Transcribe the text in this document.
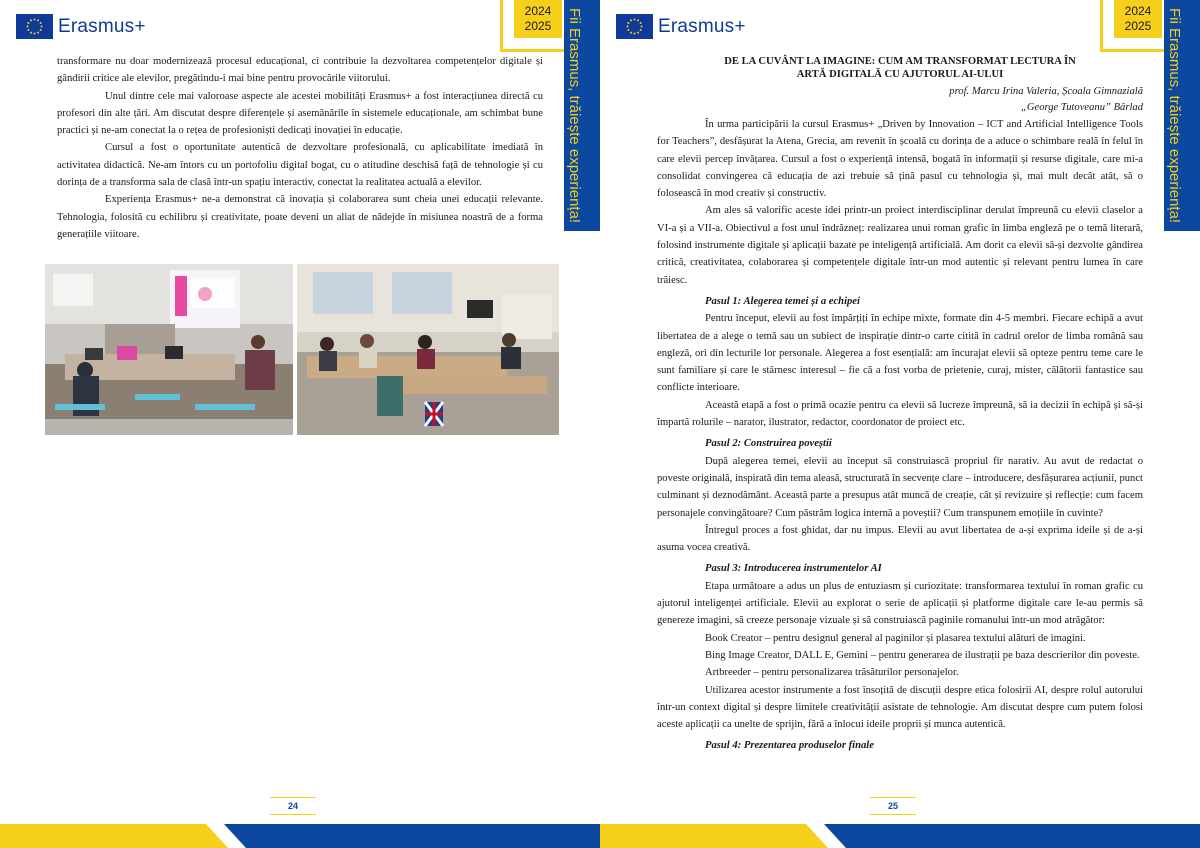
Erasmus+
2024
2025 Fii Erasmus, trăiește experiența!

transformare nu doar modernizează procesul educațional, ci contribuie la dezvoltarea competențelor digitale și gândirii critice ale elevilor, pregătindu-i mai bine pentru provocările viitorului.

Unul dintre cele mai valoroase aspecte ale acestei mobilități Erasmus+ a fost interacțiunea directă cu profesori din alte țări. Am discutat despre diferențele și asemănările în sistemele educaționale, am schimbat bune practici și ne-am conectat la o rețea de profesioniști dedicați inovației în educație.

Cursul a fost o oportunitate autentică de dezvoltare profesională, cu aplicabilitate imediată în activitatea didactică. Ne-am întors cu un portofoliu digital bogat, cu o atitudine deschisă față de tehnologie și cu dorința de a transforma sala de clasă într-un spațiu interactiv, conectat la realitatea actuală a elevilor.

Experiența Erasmus+ ne-a demonstrat că inovația și colaborarea sunt cheia unei educații relevante. Tehnologia, folosită cu echilibru și creativitate, poate deveni un aliat de nădejde în misiunea noastră de a forma generațiile viitoare.

24
Erasmus+
2024
2025 Fii Erasmus, trăiește experiența!
DE LA CUVÂNT LA IMAGINE: CUM AM TRANSFORMAT LECTURA ÎN
ARTĂ DIGITALĂ CU AJUTORUL AI-ULUI
prof. Marcu Irina Valeria, Școala Gimnazială
„George Tutoveanu” Bârlad

În urma participării la cursul Erasmus+ „Driven by Innovation – ICT and Artificial Intelligence Tools for Teachers”, desfășurat la Atena, Grecia, am revenit în școală cu dorința de a aduce o schimbare reală în felul în care elevii percep învățarea. Cursul a fost o experiență intensă, bogată în informații și resurse digitale, care mi-a consolidat convingerea că educația de azi trebuie să țină pasul cu tehnologia și, mai mult decât atât, să o folosească în mod creativ și constructiv.

Am ales să valorific aceste idei printr-un proiect interdisciplinar derulat împreună cu elevii claselor a VI-a și a VII-a. Obiectivul a fost unul îndrăzneț: realizarea unui roman grafic în limba engleză pe o temă literară, folosind instrumente digitale și aplicații bazate pe inteligență artificială. Am dorit ca elevii să-și dezvolte gândirea critică, creativitatea, colaborarea și competențele digitale într-un mod autentic și relevant pentru lumea în care trăiesc.

Pasul 1: Alegerea temei și a echipei

Pentru început, elevii au fost împărțiți în echipe mixte, formate din 4-5 membri. Fiecare echipă a avut libertatea de a alege o temă sau un subiect de inspirație dintr-o carte citită în cadrul orelor de limba română sau engleză, ori din lecturile lor personale. Alegerea a fost esențială: am încurajat elevii să opteze pentru teme care le sunt familiare și care le stârnesc interesul – fie că a fost vorba de prietenie, curaj, mister, călătorii fantastice sau conflicte interioare.

Această etapă a fost o primă ocazie pentru ca elevii să lucreze împreună, să ia decizii în echipă și să-și împartă rolurile – narator, ilustrator, redactor, coordonator de proiect etc.

Pasul 2: Construirea poveștii

După alegerea temei, elevii au început să construiască propriul fir narativ. Au avut de redactat o poveste originală, inspirată din tema aleasă, structurată în secvențe clare – introducere, desfășurarea acțiunii, punct culminant și deznodământ. Această parte a presupus atât muncă de creație, cât și revizuire și reflecție: cum facem personajele convingătoare? Cum păstrăm logica internă a poveștii? Cum transpunem emoțiile în cuvinte?

Întregul proces a fost ghidat, dar nu impus. Elevii au avut libertatea de a-și exprima ideile și de a-și asuma vocea creativă.

Pasul 3: Introducerea instrumentelor AI

Etapa următoare a adus un plus de entuziasm și curiozitate: transformarea textului în roman grafic cu ajutorul inteligenței artificiale. Elevii au explorat o serie de aplicații și platforme digitale care le-au permis să genereze imagini, să creeze personaje vizuale și să construiască paginile romanului într-un mod atrăgător:

Book Creator – pentru designul general al paginilor și plasarea textului alături de imagini.

Bing Image Creator, DALL E, Gemini – pentru generarea de ilustrații pe baza descrierilor din poveste.

Artbreeder – pentru personalizarea trăsăturilor personajelor.

Utilizarea acestor instrumente a fost însoțită de discuții despre etica folosirii AI, despre rolul autorului într-un context digital și despre limitele creativității asistate de tehnologie. Am discutat despre cum putem folosi aceste aplicații ca unelte de sprijin, fără a înlocui ideile proprii și munca autentică.

Pasul 4: Prezentarea produselor finale

25
